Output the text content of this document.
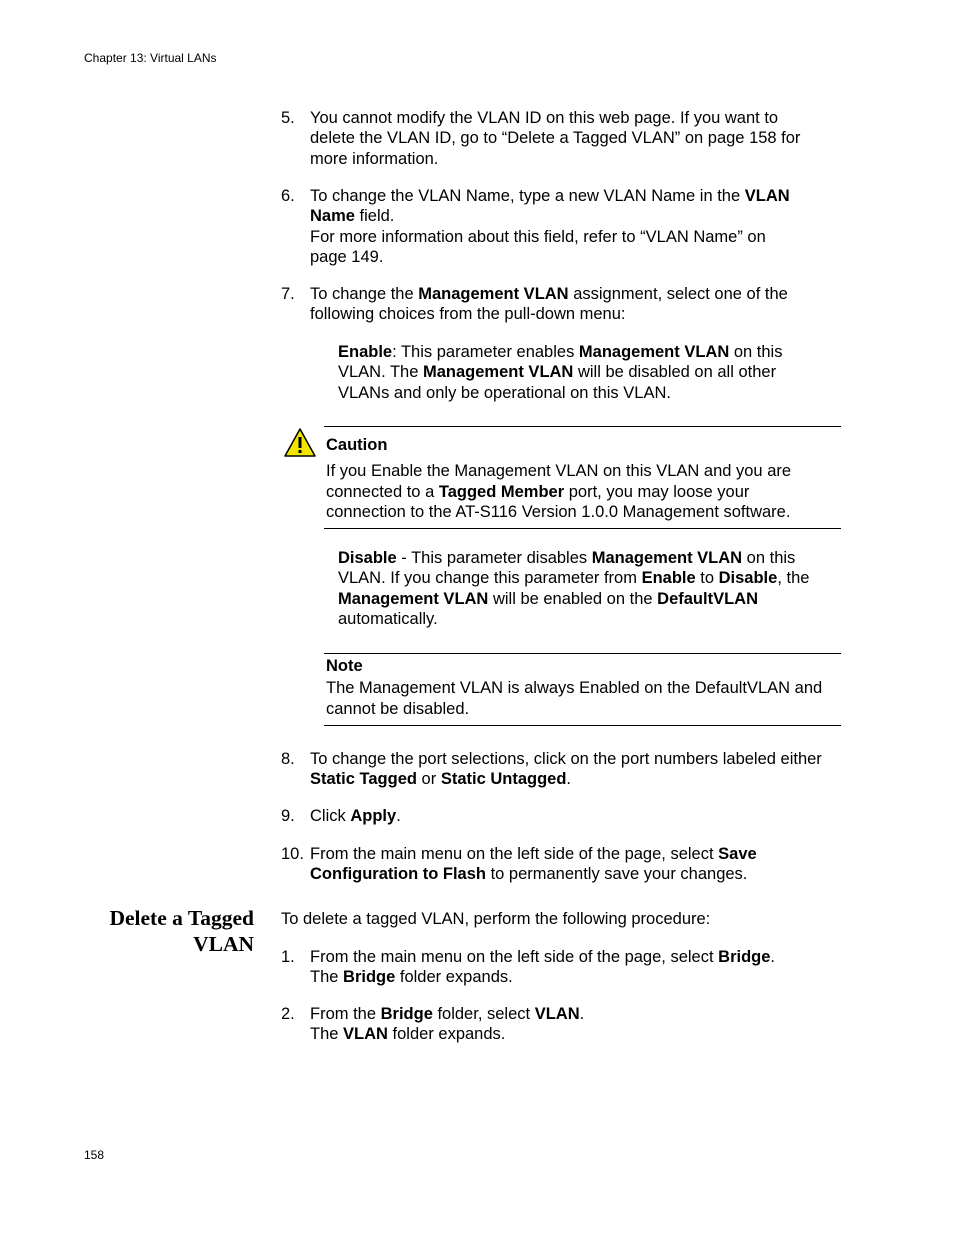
Chapter 13: Virtual LANs
5. You cannot modify the VLAN ID on this web page. If you want to
delete the VLAN ID, go to “Delete a Tagged VLAN” on page 158 for
more information.
6. To change the VLAN Name, type a new VLAN Name in the VLAN
Name field.
For more information about this field, refer to “VLAN Name” on
page 149.
7. To change the Management VLAN assignment, select one of the
following choices from the pull-down menu:
Enable: This parameter enables Management VLAN on this
VLAN. The Management VLAN will be disabled on all other
VLANs and only be operational on this VLAN.
Caution
If you Enable the Management VLAN on this VLAN and you are
connected to a Tagged Member port, you may loose your
connection to the AT-S116 Version 1.0.0 Management software.
Disable - This parameter disables Management VLAN on this
VLAN. If you change this parameter from Enable to Disable, the
Management VLAN will be enabled on the DefaultVLAN
automatically.
Note
The Management VLAN is always Enabled on the DefaultVLAN and
cannot be disabled.
8. To change the port selections, click on the port numbers labeled either
Static Tagged or Static Untagged.
9. Click Apply.
10. From the main menu on the left side of the page, select Save
Configuration to Flash to permanently save your changes.
Delete a Tagged
VLAN
To delete a tagged VLAN, perform the following procedure:
1. From the main menu on the left side of the page, select Bridge.
The Bridge folder expands.
2. From the Bridge folder, select VLAN.
The VLAN folder expands.
158
